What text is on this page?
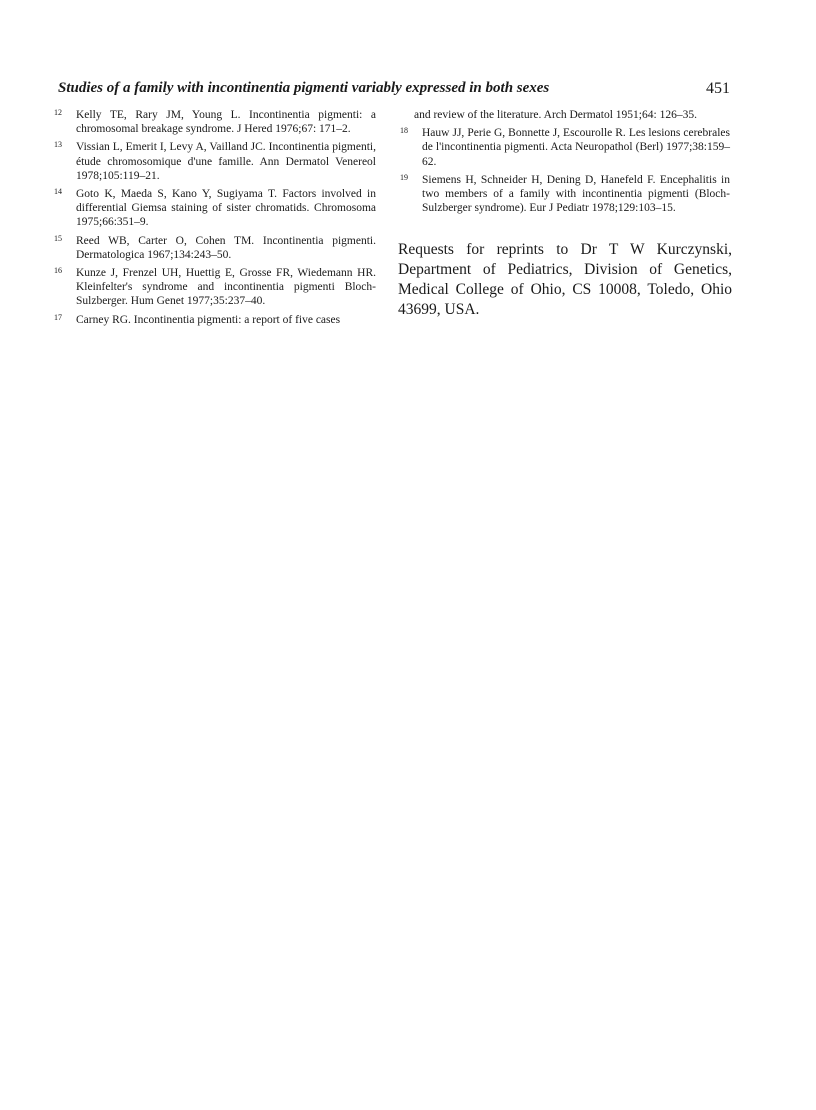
Studies of a family with incontinentia pigmenti variably expressed in both sexes	451
12 Kelly TE, Rary JM, Young L. Incontinentia pigmenti: a chromosomal breakage syndrome. J Hered 1976;67: 171–2.
13 Vissian L, Emerit I, Levy A, Vailland JC. Incontinentia pigmenti, étude chromosomique d'une famille. Ann Dermatol Venereol 1978;105:119–21.
14 Goto K, Maeda S, Kano Y, Sugiyama T. Factors involved in differential Giemsa staining of sister chromatids. Chromosoma 1975;66:351–9.
15 Reed WB, Carter O, Cohen TM. Incontinentia pigmenti. Dermatologica 1967;134:243–50.
16 Kunze J, Frenzel UH, Huettig E, Grosse FR, Wiedemann HR. Kleinfelter's syndrome and incontinentia pigmenti Bloch-Sulzberger. Hum Genet 1977;35:237–40.
17 Carney RG. Incontinentia pigmenti: a report of five cases
and review of the literature. Arch Dermatol 1951;64: 126–35.
18 Hauw JJ, Perie G, Bonnette J, Escourolle R. Les lesions cerebrales de l'incontinentia pigmenti. Acta Neuropathol (Berl) 1977;38:159–62.
19 Siemens H, Schneider H, Dening D, Hanefeld F. Encephalitis in two members of a family with incontinentia pigmenti (Bloch-Sulzberger syndrome). Eur J Pediatr 1978;129:103–15.
Requests for reprints to Dr T W Kurczynski, Department of Pediatrics, Division of Genetics, Medical College of Ohio, CS 10008, Toledo, Ohio 43699, USA.
